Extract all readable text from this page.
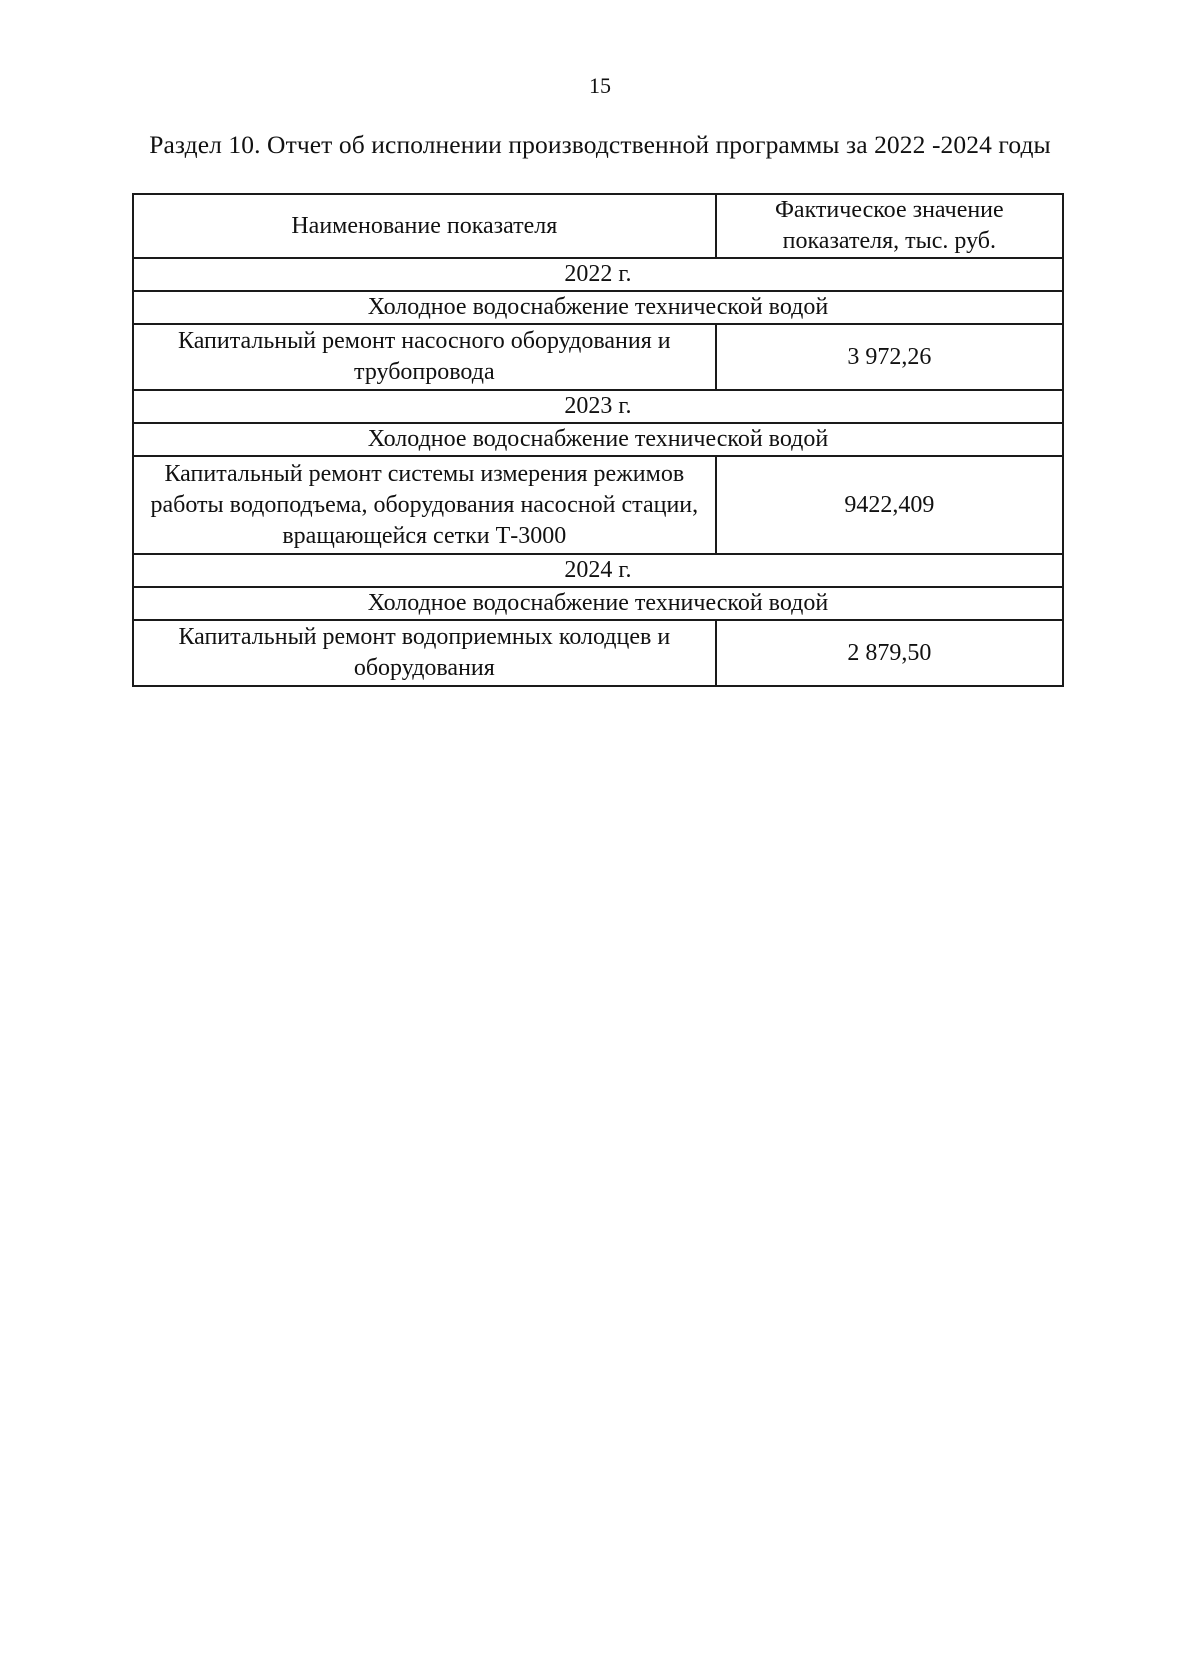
15
Раздел 10. Отчет об исполнении производственной программы за 2022 -2024 годы
Наименование показателя	Фактическое значение показателя, тыс. руб.
2022 г.	
Холодное водоснабжение технической водой	
Капитальный ремонт насосного оборудования и трубопровода	3 972,26
2023 г.	
Холодное водоснабжение технической водой	
Капитальный ремонт системы измерения режимов работы водоподъема, оборудования насосной стации, вращающейся сетки Т-3000	9422,409
2024 г.	
Холодное водоснабжение технической водой	
Капитальный ремонт водоприемных колодцев и оборудования	2 879,50
